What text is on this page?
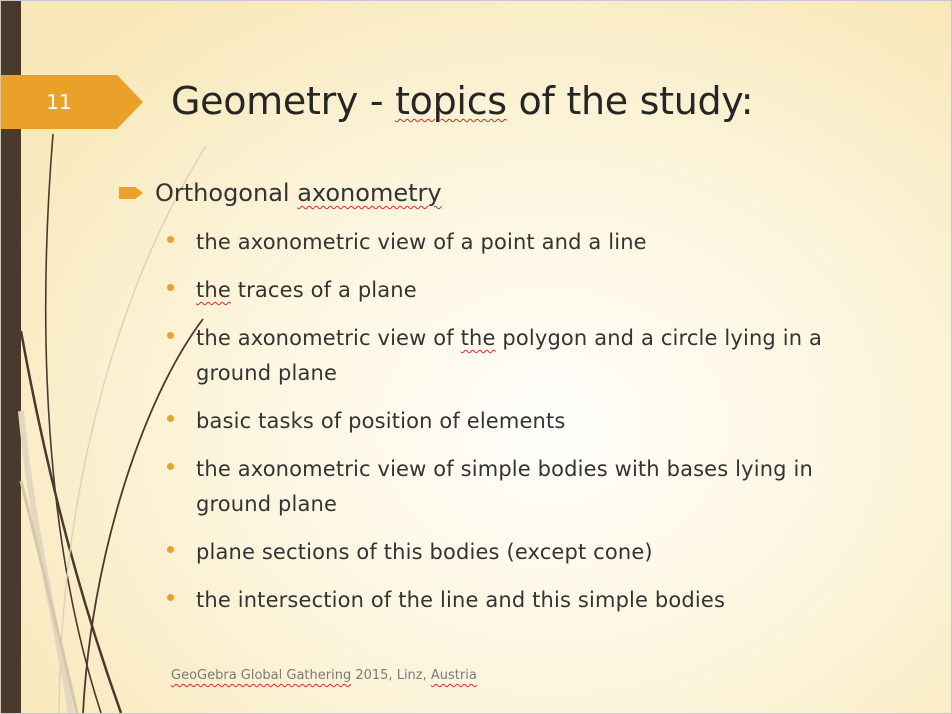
11	Geometry - topics of the study:
Orthogonal axonometry
the axonometric view of a point and a line
the traces of a plane
the axonometric view of the polygon and a circle lying in a ground plane
basic tasks of position of elements
the axonometric view of simple bodies with bases lying in ground plane
plane sections of this bodies (except cone)
the intersection of the line and this simple bodies
GeoGebra Global Gathering 2015, Linz, Austria
